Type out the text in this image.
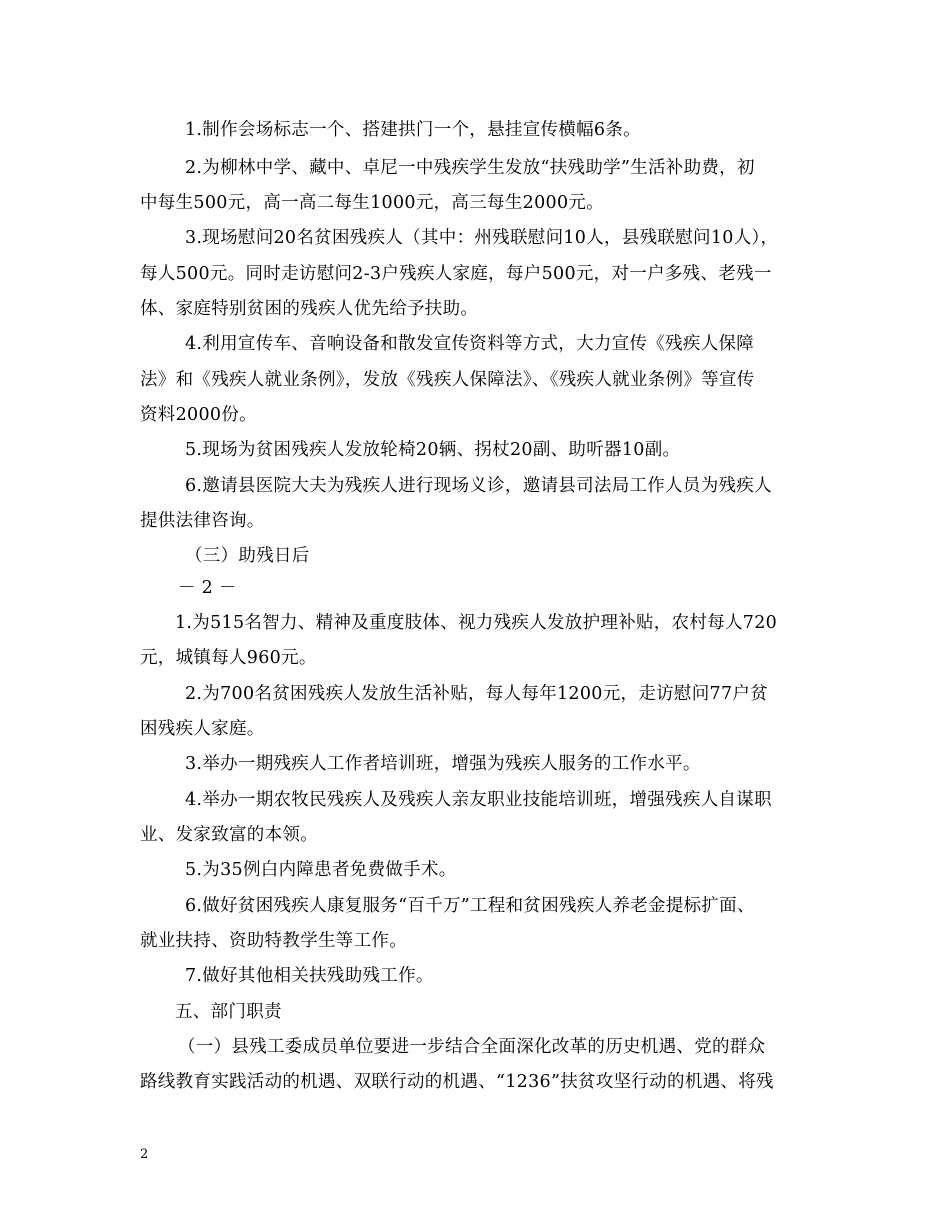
1.制作会场标志一个、搭建拱门一个，悬挂宣传横幅6条。
2.为柳林中学、藏中、卓尼一中残疾学生发放“扶残助学”生活补助费，初
中每生500元，高一高二每生1000元，高三每生2000元。
3.现场慰问20名贫困残疾人（其中：州残联慰问10人，县残联慰问10人），
每人500元。同时走访慰问2-3户残疾人家庭，每户500元，对一户多残、老残一
体、家庭特别贫困的残疾人优先给予扶助。
4.利用宣传车、音响设备和散发宣传资料等方式，大力宣传《残疾人保障
法》和《残疾人就业条例》，发放《残疾人保障法》、《残疾人就业条例》等宣传
资料2000份。
5.现场为贫困残疾人发放轮椅20辆、拐杖20副、助听器10副。
6.邀请县医院大夫为残疾人进行现场义诊，邀请县司法局工作人员为残疾人
提供法律咨询。
（三）助残日后
－ 2 －
1.为515名智力、精神及重度肢体、视力残疾人发放护理补贴，农村每人720
元，城镇每人960元。
2.为700名贫困残疾人发放生活补贴，每人每年1200元，走访慰问77户贫
困残疾人家庭。
3.举办一期残疾人工作者培训班，增强为残疾人服务的工作水平。
4.举办一期农牧民残疾人及残疾人亲友职业技能培训班，增强残疾人自谋职
业、发家致富的本领。
5.为35例白内障患者免费做手术。
6.做好贫困残疾人康复服务“百千万”工程和贫困残疾人养老金提标扩面、
就业扶持、资助特教学生等工作。
7.做好其他相关扶残助残工作。
五、部门职责
（一）县残工委成员单位要进一步结合全面深化改革的历史机遇、党的群众
路线教育实践活动的机遇、双联行动的机遇、“1236”扶贫攻坚行动的机遇、将残
2
